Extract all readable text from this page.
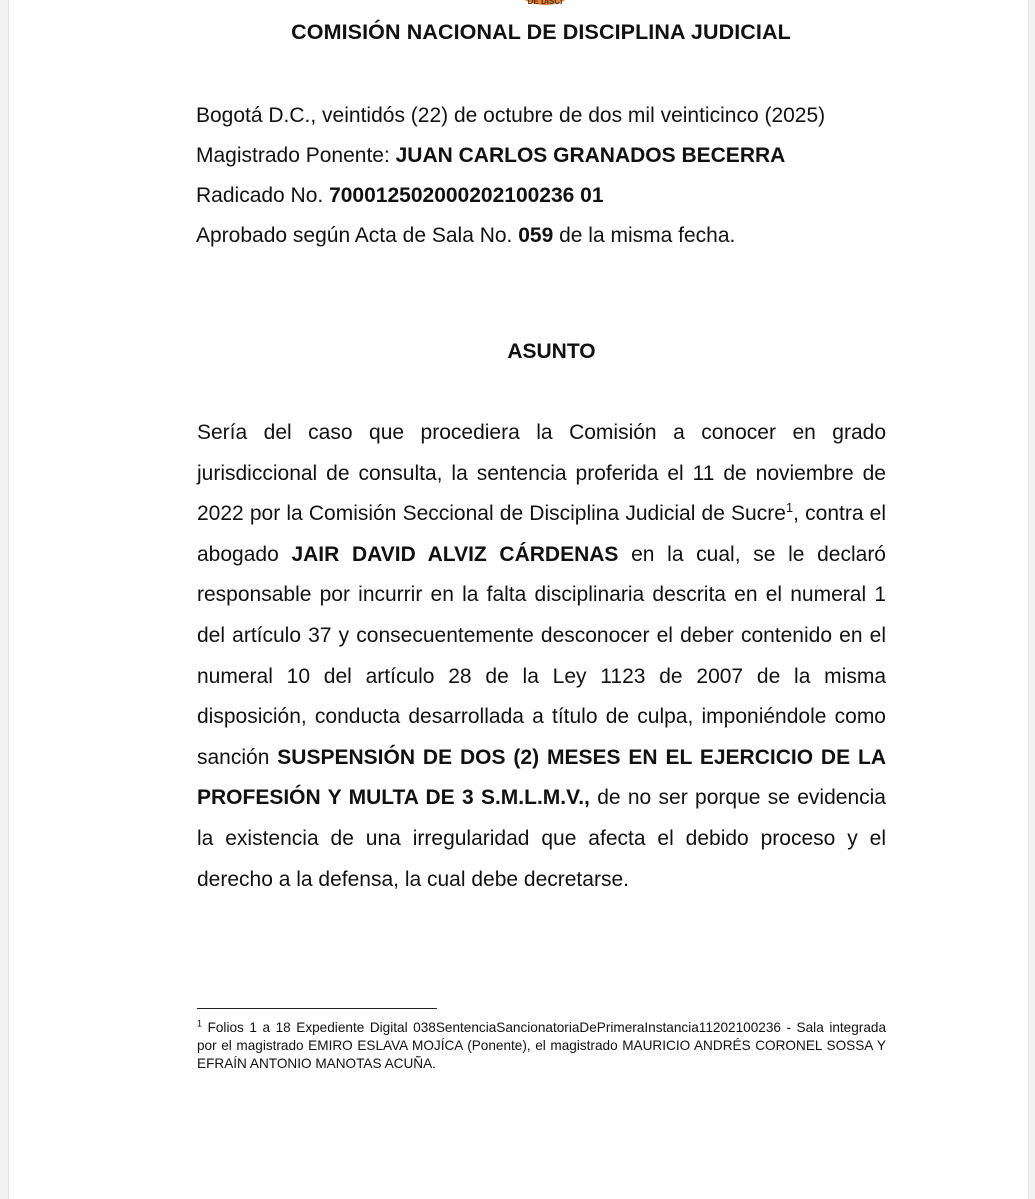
DE DISCI
COMISIÓN NACIONAL DE DISCIPLINA JUDICIAL

Bogotá D.C., veintidós (22) de octubre de dos mil veinticinco (2025)

Magistrado Ponente: JUAN CARLOS GRANADOS BECERRA

Radicado No. 700012502000202100236 01

Aprobado según Acta de Sala No. 059 de la misma fecha.

ASUNTO

Sería del caso que procediera la Comisión a conocer en grado jurisdiccional de consulta, la sentencia proferida el 11 de noviembre de 2022 por la Comisión Seccional de Disciplina Judicial de Sucre$^1$, contra el abogado JAIR DAVID ALVIZ CÁRDENAS en la cual, se le declaró responsable por incurrir en la falta disciplinaria descrita en el numeral 1 del artículo 37 y consecuentemente desconocer el deber contenido en el numeral 10 del artículo 28 de la Ley 1123 de 2007 de la misma disposición, conducta desarrollada a título de culpa, imponiéndole como sanción SUSPENSIÓN DE DOS (2) MESES EN EL EJERCICIO DE LA PROFESIÓN Y MULTA DE 3 S.M.L.M.V., de no ser porque se evidencia la existencia de una irregularidad que afecta el debido proceso y el derecho a la defensa, la cual debe decretarse.

$^1$ Folios 1 a 18 Expediente Digital 038SentenciaSancionatoriaDePrimeraInstancia11202100236 - Sala integrada por el magistrado EMIRO ESLAVA MOJÍCA (Ponente), el magistrado MAURICIO ANDRÉS CORONEL SOSSA Y EFRAÍN ANTONIO MANOTAS ACUÑA.
